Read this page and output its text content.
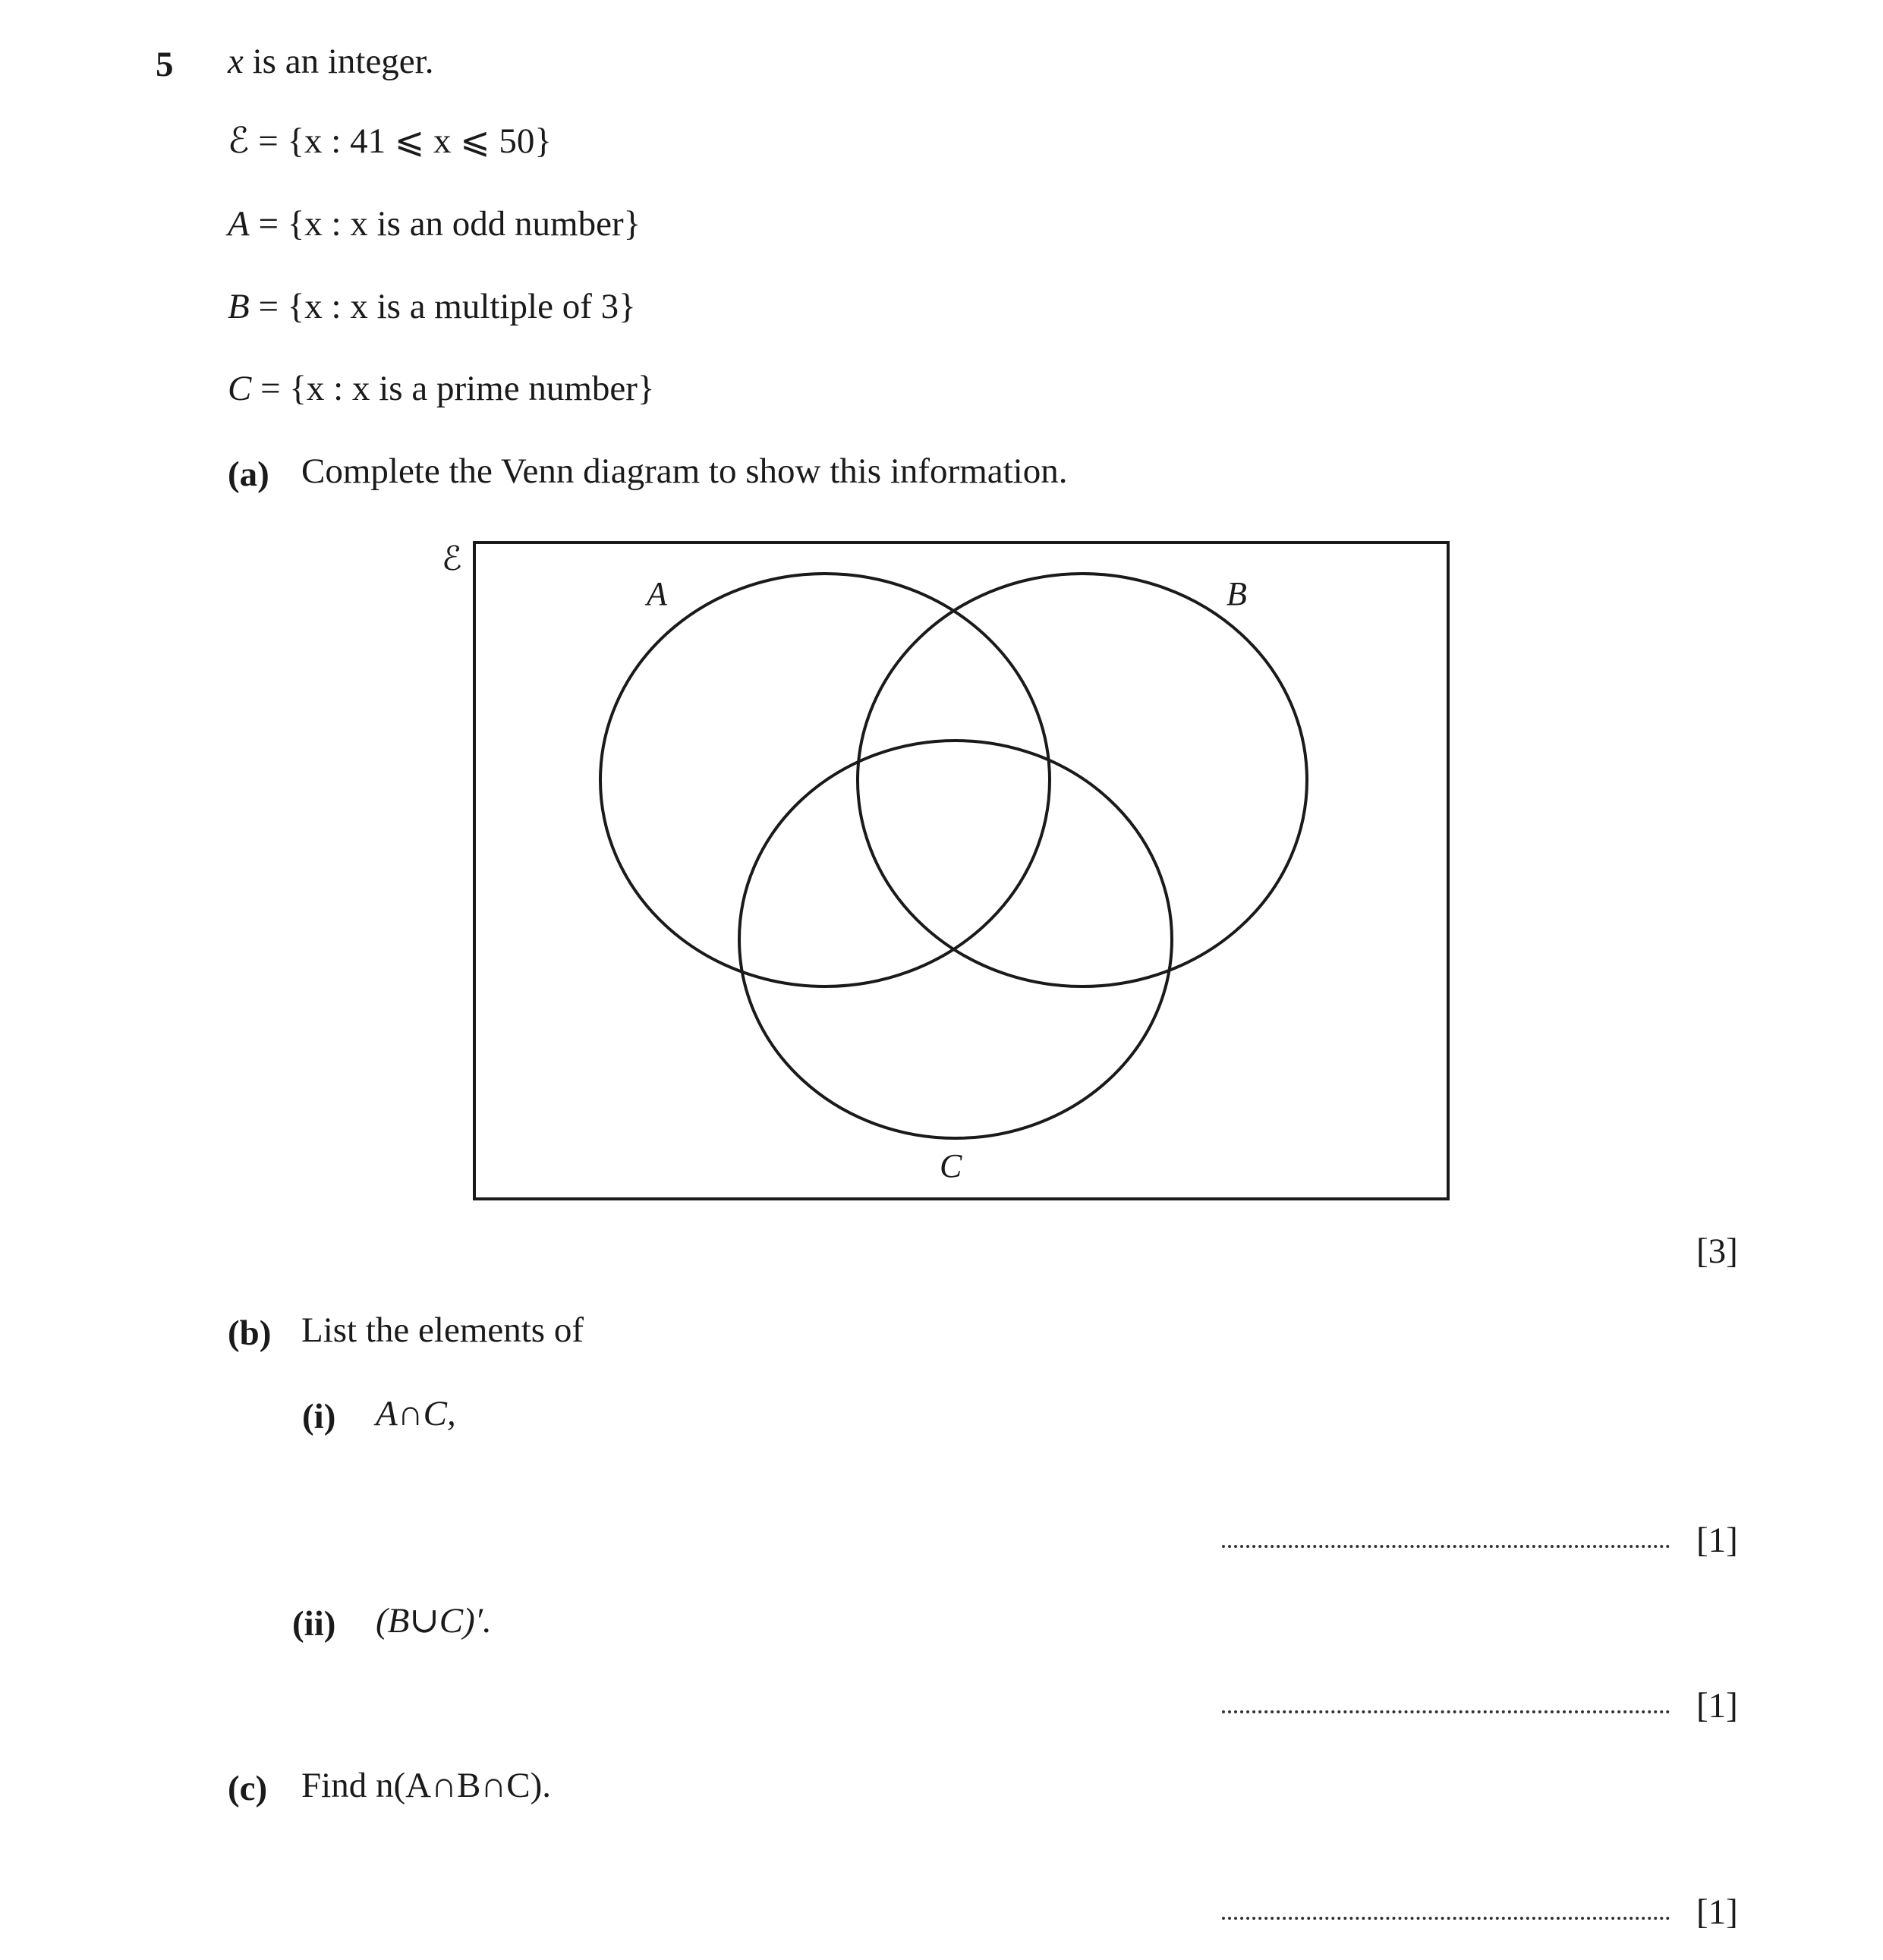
5 x is an integer.
ℰ = {x : 41 ⩽ x ⩽ 50}
A = {x : x is an odd number}
B = {x : x is a multiple of 3}
C = {x : x is a prime number}
(a) Complete the Venn diagram to show this information.
ℰ
A	B
C
[3]
(b) List the elements of
(i) A∩C,
[1]
(ii) (B∪C)′.
[1]
(c) Find n(A∩B∩C).
[1]
